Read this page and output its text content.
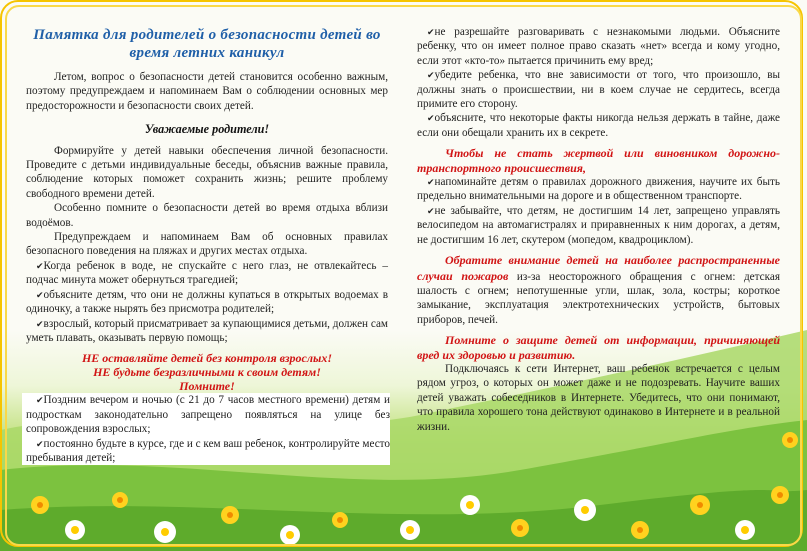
Памятка для родителей о безопасности детей во время летних каникул

Летом, вопрос о безопасности детей становится особенно важным, поэтому предупреждаем и напоминаем Вам о соблюдении основных мер предосторожности и безопасности своих детей.

Уважаемые родители!

Формируйте у детей навыки обеспечения личной безопасности. Проведите с детьми индивидуальные беседы, объяснив важные правила, соблюдение которых поможет сохранить жизнь; решите проблему свободного времени детей.

Особенно помните о безопасности детей во время отдыха вблизи водоёмов.

Предупреждаем и напоминаем Вам об основных правилах безопасного поведения на пляжах и других местах отдыха.

✔ Когда ребенок в воде, не спускайте с него глаз, не отвлекайтесь – подчас минута может обернуться трагедией;

✔ объясните детям, что они не должны купаться в открытых водоемах в одиночку, а также нырять без присмотра родителей;

✔ взрослый, который присматривает за купающимися детьми, должен сам уметь плавать, оказывать первую помощь;

НЕ оставляйте детей без контроля взрослых!

НЕ будьте безразличными к своим детям!

Помните!

✔ Поздним вечером и ночью (с 21 до 7 часов местного времени) детям и подросткам законодательно запрещено появляться на улице без сопровождения взрослых;

✔ постоянно будьте в курсе, где и с кем ваш ребенок, контролируйте место пребывания детей;

✔ не разрешайте разговаривать с незнакомыми людьми. Объясните ребенку, что он имеет полное право сказать «нет» всегда и кому угодно, если этот «кто-то» пытается причинить ему вред;

✔ убедите ребенка, что вне зависимости от того, что произошло, вы должны знать о происшествии, ни в коем случае не сердитесь, всегда примите его сторону.

✔ объясните, что некоторые факты никогда нельзя держать в тайне, даже если они обещали хранить их в секрете.

Чтобы не стать жертвой или виновником дорожно-транспортного происшествия,

✔ напоминайте детям о правилах дорожного движения, научите их быть предельно внимательными на дороге и в общественном транспорте.

✔ не забывайте, что детям, не достигшим 14 лет, запрещено управлять велосипедом на автомагистралях и приравненных к ним дорогах, а детям, не достигшим 16 лет, скутером (мопедом, квадроциклом).

Обратите внимание детей на наиболее распространенные случаи пожаров из-за неосторожного обращения с огнем: детская шалость с огнем; непотушенные угли, шлак, зола, костры; короткое замыкание, эксплуатация электротехнических устройств, бытовых приборов, печей.

Помните о защите детей от информации, причиняющей вред их здоровью и развитию.

Подключаясь к сети Интернет, ваш ребенок встречается с целым рядом угроз, о которых он может даже и не подозревать. Научите ваших детей уважать собеседников в Интернете. Убедитесь, что они понимают, что правила хорошего тона действуют одинаково в Интернете и в реальной жизни.
